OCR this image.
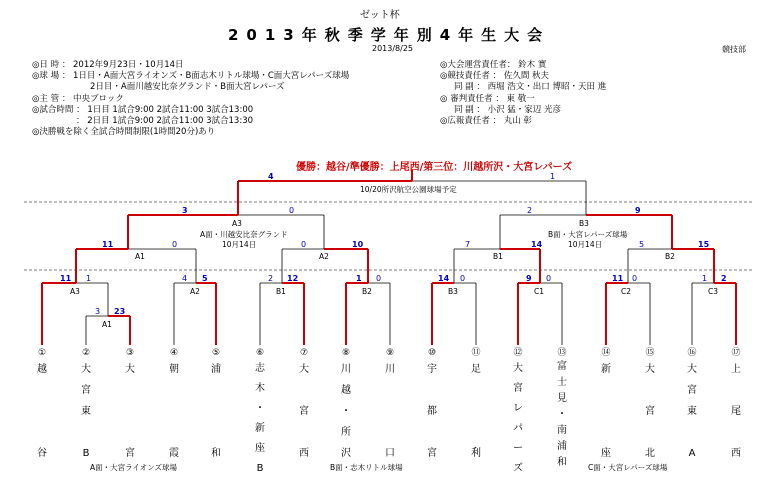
ゼット杯
2013年秋季学年別4年生大会
2013/8/25	競技部
◎日 時 ： 2012年9月23日・10月14日
◎球 場 ： 1日目・A面大宮ライオンズ・B面志木リトル球場・C面大宮レパーズ球場
2日目・A面川越安比奈グランド・B面大宮レパーズ
◎主 管 ： 中央ブロック
◎試合時間 ： 1日目 1試合9:00 2試合11:00 3試合13:00
： 2日目 1試合9:00 2試合11:00 3試合13:30
◎決勝戦を除く全試合時間制限(1時間20分)あり
◎大会運営責任者： 鈴木 實
◎競技責任者 ： 佐久間 秋夫
同 副 ： 西堀 浩文・出口 博昭・天田 進
◎ 審判責任者 ： 東 敬一
同 副 ： 小沢 猛・家辺 光彦
◎広報責任者 ： 丸山 彰
優勝：越谷/準優勝：上尾西/第三位：川越所沢・大宮レパーズ
10/20所沢航空公園球場予定
A3
A面・川越安比奈グランド
10月14日
B3
B面・大宮レパーズ球場
10月14日
A1	A2	B1	B2
A3	A2	B1	B2	B3	C1	C2	C3
A1
4	1
3	0	2	9
11	0	0	10	7	14	5	15
11 1	4 5	2 12	1 0	14 0	9 0	11 0	1 2
3 23
①
越
谷
②
大
宮
東
B
③
大
宮
④
朝
霞
⑤
浦
和
⑥
志
木
・
新
座
B
⑦
大
宮
西
⑧
川
越
・
所
沢
⑨
川
口
⑩
宇
都
宮
⑪
足
利
⑫
大
宮
レ
パ
ー
ズ
⑬
富
士
見
・
南
浦
和
⑭
新
座
⑮
大
宮
北
⑯
大
宮
東
A
⑰
上
尾
西
A面・大宮ライオンズ球場	B面・志木リトル球場	C面・大宮レパーズ球場
